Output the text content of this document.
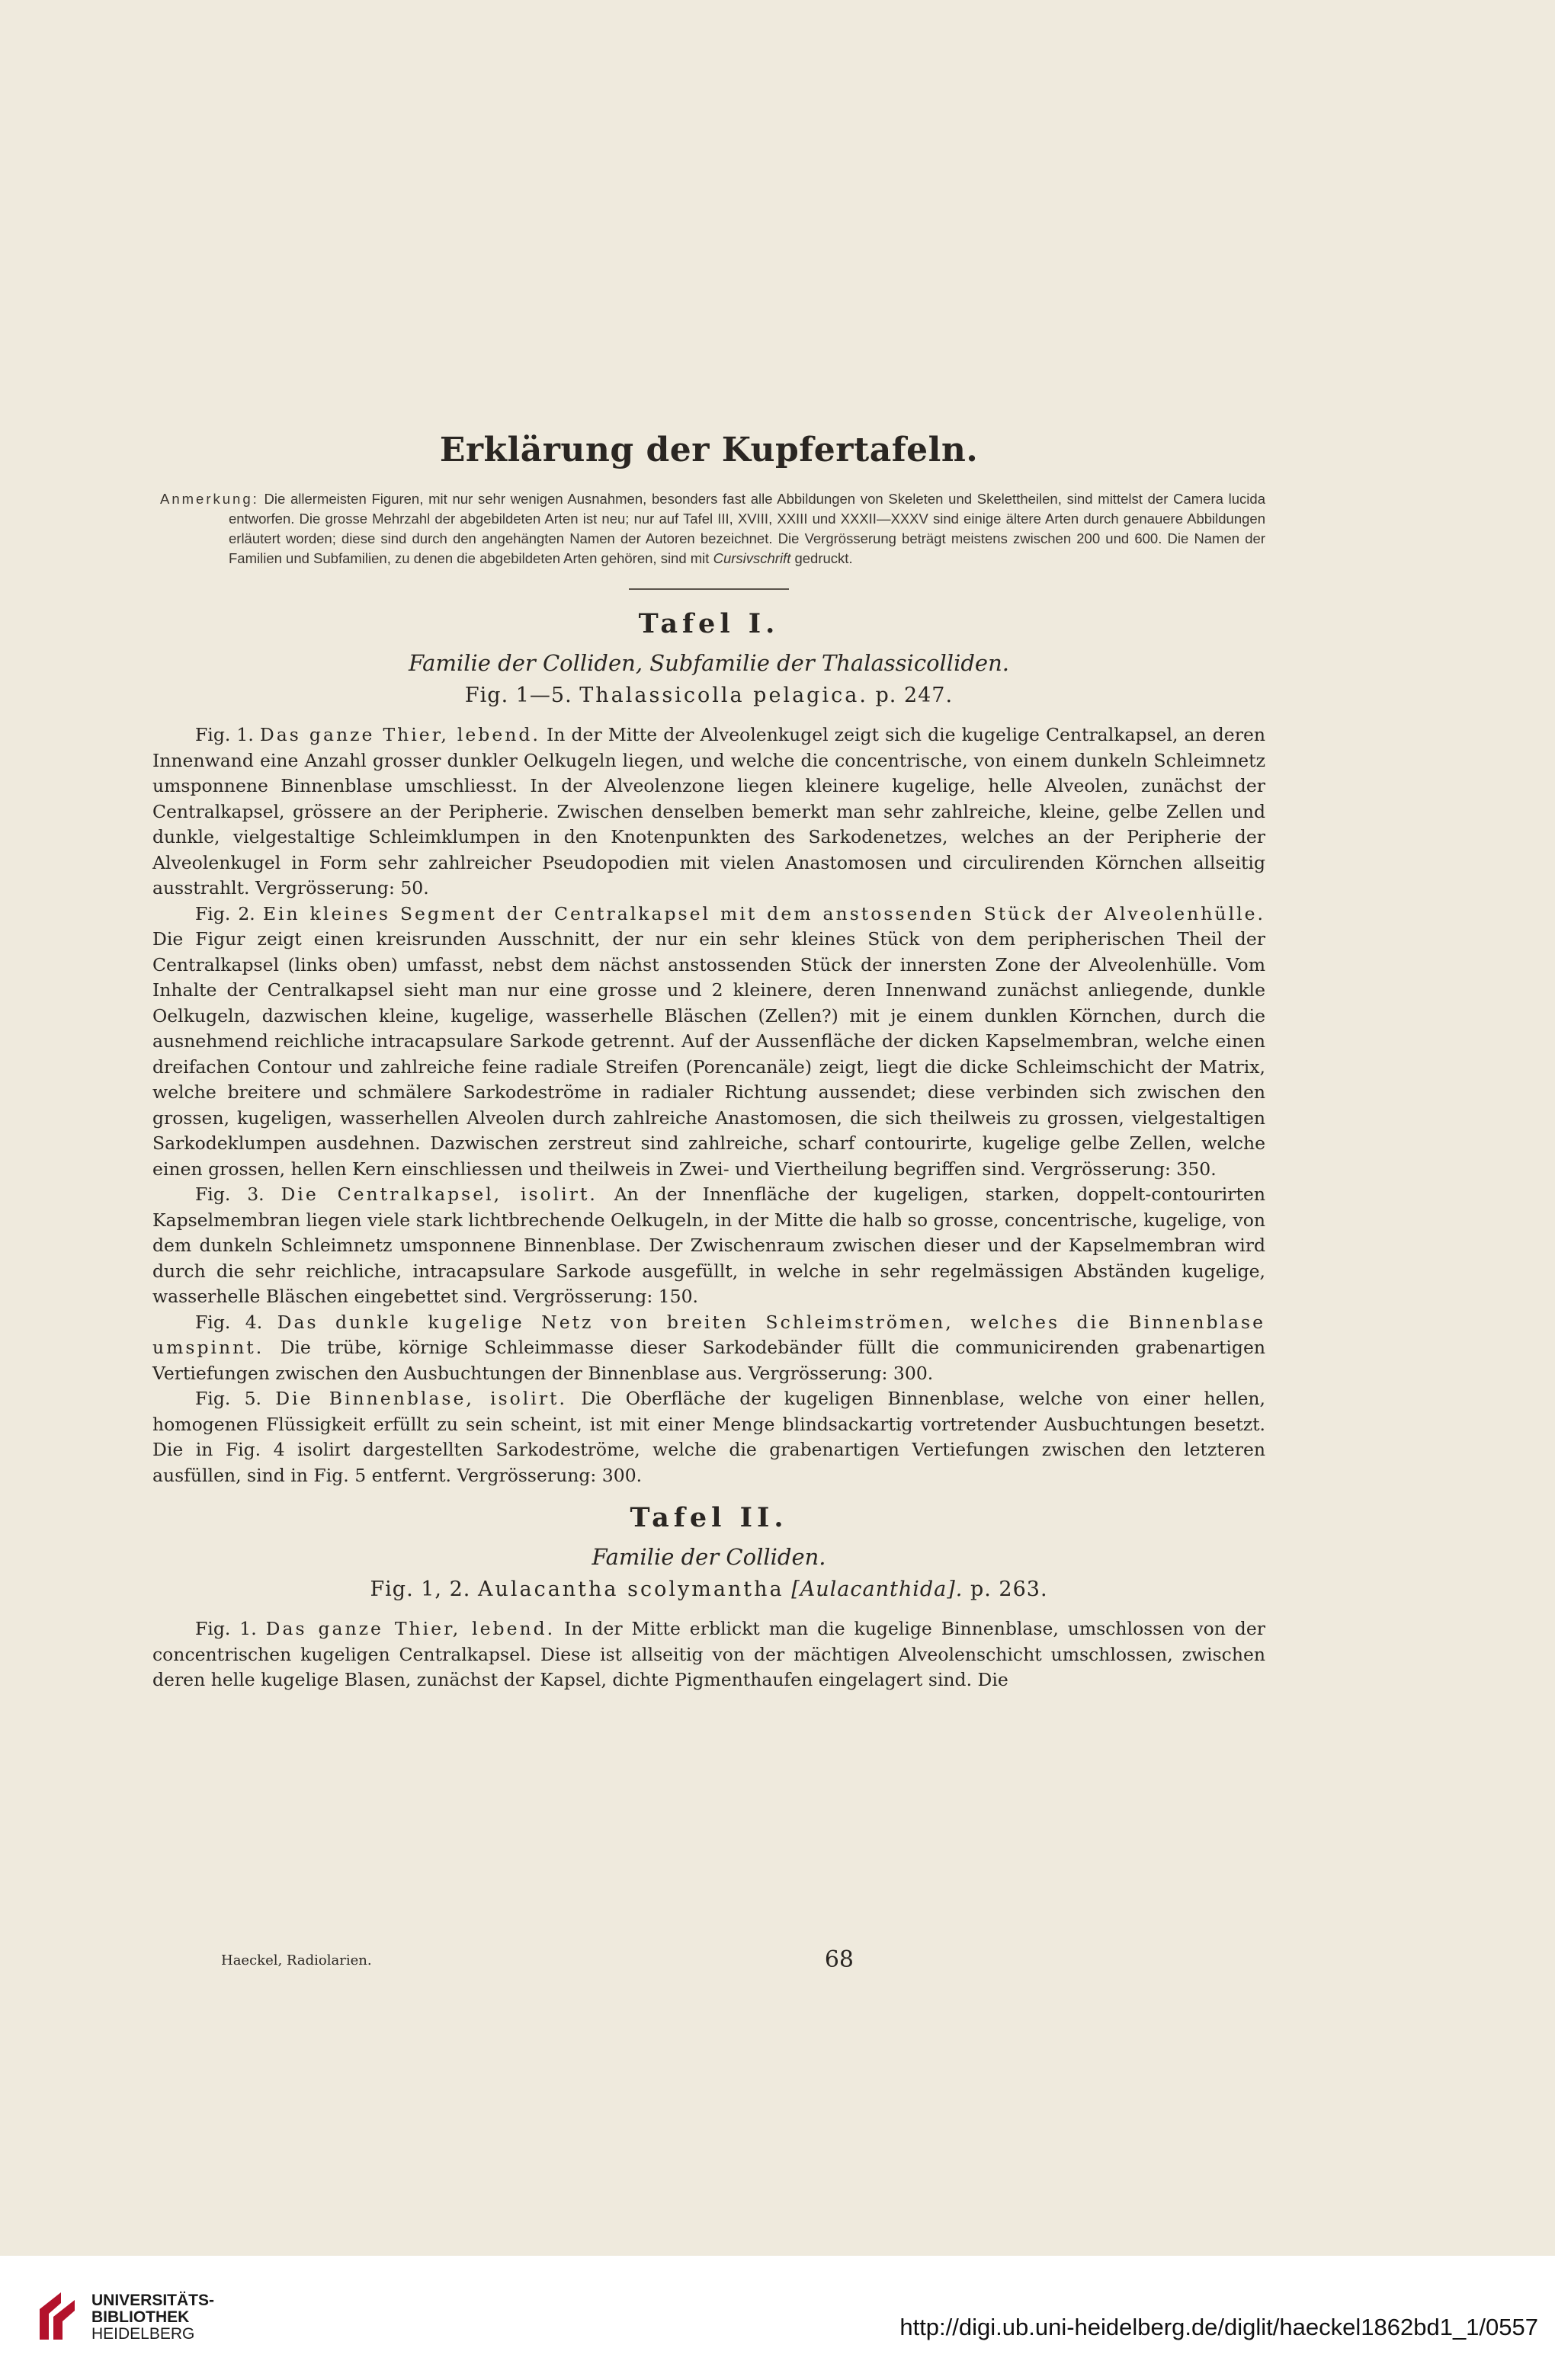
Erklärung der Kupfertafeln.

Anmerkung: Die allermeisten Figuren, mit nur sehr wenigen Ausnahmen, besonders fast alle Abbildungen von Skeleten und Skelettheilen, sind mittelst der Camera lucida entworfen. Die grosse Mehrzahl der abgebildeten Arten ist neu; nur auf Tafel III, XVIII, XXIII und XXXII—XXXV sind einige ältere Arten durch genauere Abbildungen erläutert worden; diese sind durch den angehängten Namen der Autoren bezeichnet. Die Vergrösserung beträgt meistens zwischen 200 und 600. Die Namen der Familien und Subfamilien, zu denen die abgebildeten Arten gehören, sind mit Cursivschrift gedruckt.

Tafel I.
Familie der Colliden, Subfamilie der Thalassicolliden.
Fig. 1—5. Thalassicolla pelagica. p. 247.

Fig. 1. Das ganze Thier, lebend. In der Mitte der Alveolenkugel zeigt sich die kugelige Centralkapsel, an deren Innenwand eine Anzahl grosser dunkler Oelkugeln liegen, und welche die concentrische, von einem dunkeln Schleimnetz umsponnene Binnenblase umschliesst. In der Alveolenzone liegen kleinere kugelige, helle Alveolen, zunächst der Centralkapsel, grössere an der Peripherie. Zwischen denselben bemerkt man sehr zahlreiche, kleine, gelbe Zellen und dunkle, vielgestaltige Schleimklumpen in den Knotenpunkten des Sarkodenetzes, welches an der Peripherie der Alveolenkugel in Form sehr zahlreicher Pseudopodien mit vielen Anastomosen und circulirenden Körnchen allseitig ausstrahlt. Vergrösserung: 50.

Fig. 2. Ein kleines Segment der Centralkapsel mit dem anstossenden Stück der Alveolenhülle. Die Figur zeigt einen kreisrunden Ausschnitt, der nur ein sehr kleines Stück von dem peripherischen Theil der Centralkapsel (links oben) umfasst, nebst dem nächst anstossenden Stück der innersten Zone der Alveolenhülle. Vom Inhalte der Centralkapsel sieht man nur eine grosse und 2 kleinere, deren Innenwand zunächst anliegende, dunkle Oelkugeln, dazwischen kleine, kugelige, wasserhelle Bläschen (Zellen?) mit je einem dunklen Körnchen, durch die ausnehmend reichliche intracapsulare Sarkode getrennt. Auf der Aussenfläche der dicken Kapselmembran, welche einen dreifachen Contour und zahlreiche feine radiale Streifen (Porencanäle) zeigt, liegt die dicke Schleimschicht der Matrix, welche breitere und schmälere Sarkodeströme in radialer Richtung aussendet; diese verbinden sich zwischen den grossen, kugeligen, wasserhellen Alveolen durch zahlreiche Anastomosen, die sich theilweis zu grossen, vielgestaltigen Sarkodeklumpen ausdehnen. Dazwischen zerstreut sind zahlreiche, scharf contourirte, kugelige gelbe Zellen, welche einen grossen, hellen Kern einschliessen und theilweis in Zwei- und Viertheilung begriffen sind. Vergrösserung: 350.

Fig. 3. Die Centralkapsel, isolirt. An der Innenfläche der kugeligen, starken, doppelt-contourirten Kapselmembran liegen viele stark lichtbrechende Oelkugeln, in der Mitte die halb so grosse, concentrische, kugelige, von dem dunkeln Schleimnetz umsponnene Binnenblase. Der Zwischenraum zwischen dieser und der Kapselmembran wird durch die sehr reichliche, intracapsulare Sarkode ausgefüllt, in welche in sehr regelmässigen Abständen kugelige, wasserhelle Bläschen eingebettet sind. Vergrösserung: 150.

Fig. 4. Das dunkle kugelige Netz von breiten Schleimströmen, welches die Binnenblase umspinnt. Die trübe, körnige Schleimmasse dieser Sarkodebänder füllt die communicirenden grabenartigen Vertiefungen zwischen den Ausbuchtungen der Binnenblase aus. Vergrösserung: 300.

Fig. 5. Die Binnenblase, isolirt. Die Oberfläche der kugeligen Binnenblase, welche von einer hellen, homogenen Flüssigkeit erfüllt zu sein scheint, ist mit einer Menge blindsackartig vortretender Ausbuchtungen besetzt. Die in Fig. 4 isolirt dargestellten Sarkodeströme, welche die grabenartigen Vertiefungen zwischen den letzteren ausfüllen, sind in Fig. 5 entfernt. Vergrösserung: 300.

Tafel II.
Familie der Colliden.
Fig. 1, 2. Aulacantha scolymantha [Aulacanthida]. p. 263.

Fig. 1. Das ganze Thier, lebend. In der Mitte erblickt man die kugelige Binnenblase, umschlossen von der concentrischen kugeligen Centralkapsel. Diese ist allseitig von der mächtigen Alveolenschicht umschlossen, zwischen deren helle kugelige Blasen, zunächst der Kapsel, dichte Pigmenthaufen eingelagert sind. Die

Haeckel, Radiolarien.	68
UNIVERSITÄTS-
BIBLIOTHEK
HEIDELBERG	http://digi.ub.uni-heidelberg.de/diglit/haeckel1862bd1_1/0557
